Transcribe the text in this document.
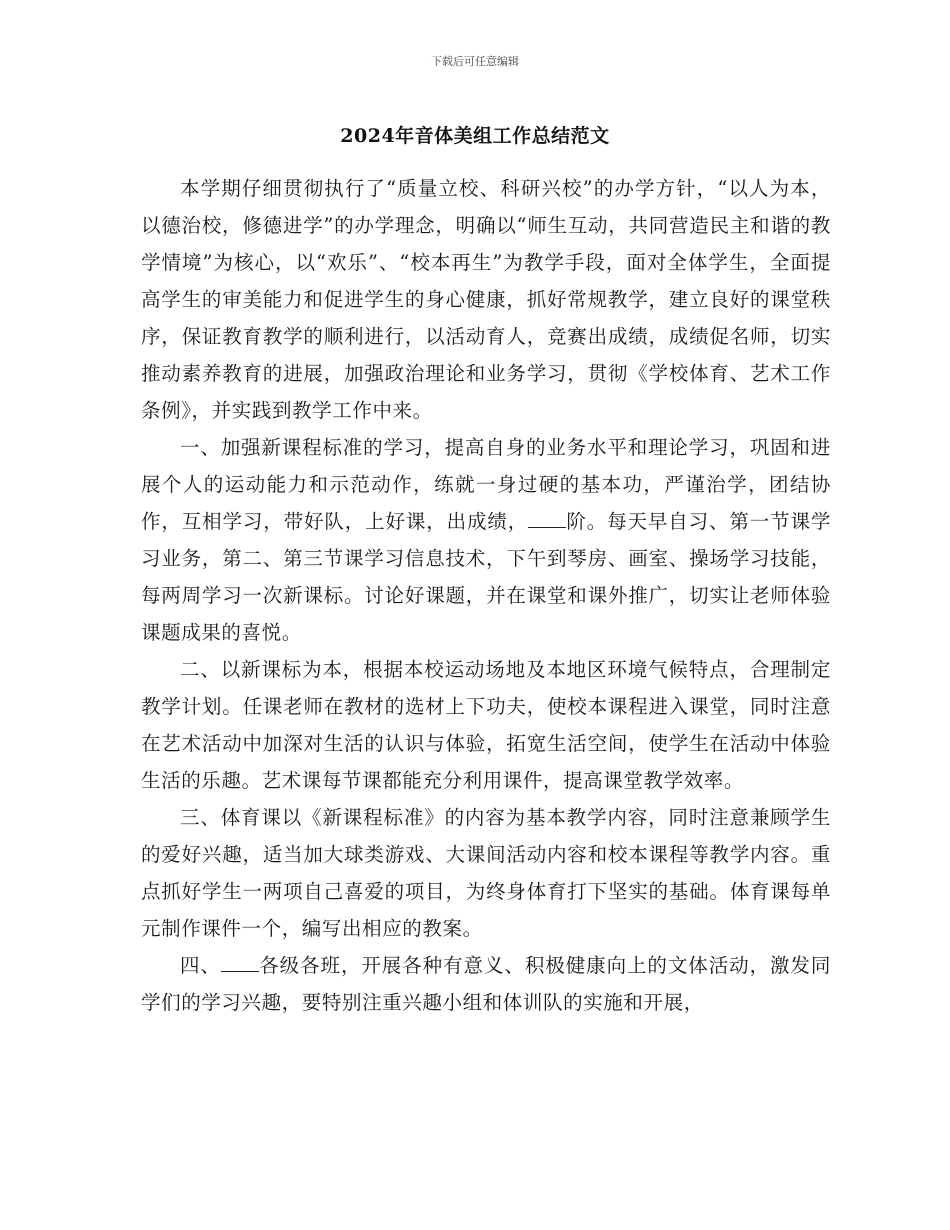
下载后可任意编辑
2024年音体美组工作总结范文

本学期仔细贯彻执行了“质量立校、科研兴校”的办学方针，“以人为本，以德治校，修德进学”的办学理念，明确以“师生互动，共同营造民主和谐的教学情境”为核心，以“欢乐”、“校本再生”为教学手段，面对全体学生，全面提高学生的审美能力和促进学生的身心健康，抓好常规教学，建立良好的课堂秩序，保证教育教学的顺利进行，以活动育人，竞赛出成绩，成绩促名师，切实推动素养教育的进展，加强政治理论和业务学习，贯彻《学校体育、艺术工作条例》，并实践到教学工作中来。

一、加强新课程标准的学习，提高自身的业务水平和理论学习，巩固和进展个人的运动能力和示范动作，练就一身过硬的基本功，严谨治学，团结协作，互相学习，带好队，上好课，出成绩， 阶。每天早自习、第一节课学习业务，第二、第三节课学习信息技术，下午到琴房、画室、操场学习技能，每两周学习一次新课标。讨论好课题，并在课堂和课外推广，切实让老师体验课题成果的喜悦。

二、以新课标为本，根据本校运动场地及本地区环境气候特点，合理制定教学计划。任课老师在教材的选材上下功夫，使校本课程进入课堂，同时注意在艺术活动中加深对生活的认识与体验，拓宽生活空间，使学生在活动中体验生活的乐趣。艺术课每节课都能充分利用课件，提高课堂教学效率。

三、体育课以《新课程标准》的内容为基本教学内容，同时注意兼顾学生的爱好兴趣，适当加大球类游戏、大课间活动内容和校本课程等教学内容。重点抓好学生一两项自己喜爱的项目，为终身体育打下坚实的基础。体育课每单元制作课件一个，编写出相应的教案。

四、 各级各班，开展各种有意义、积极健康向上的文体活动，激发同学们的学习兴趣，要特别注重兴趣小组和体训队的实施和开展，
